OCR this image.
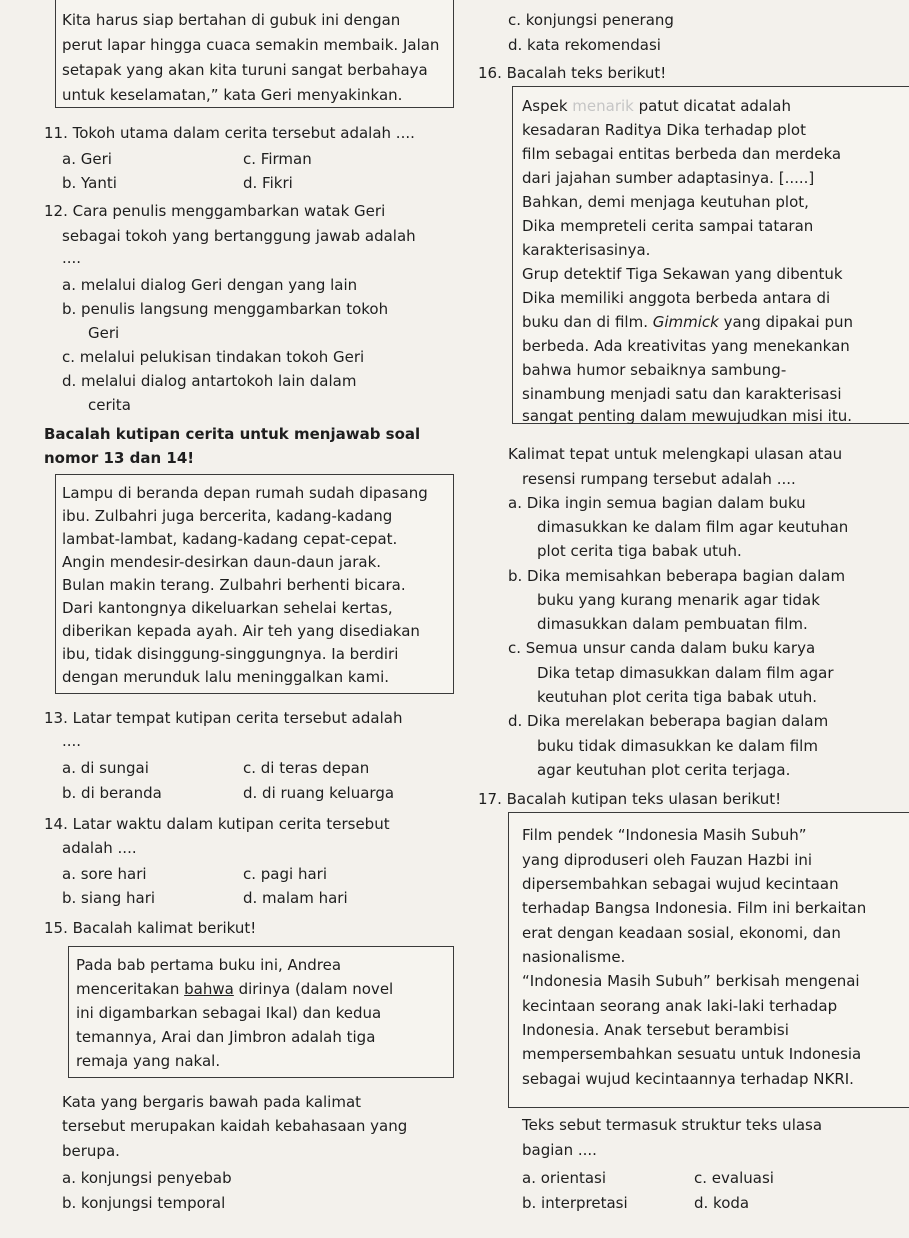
Kita harus siap bertahan di gubuk ini dengan
perut lapar hingga cuaca semakin membaik. Jalan
setapak yang akan kita turuni sangat berbahaya
untuk keselamatan,” kata Geri menyakinkan.
11. Tokoh utama dalam cerita tersebut adalah ....
a. Geri	c. Firman
b. Yanti	d. Fikri
12. Cara penulis menggambarkan watak Geri
sebagai tokoh yang bertanggung jawab adalah
....
a. melalui dialog Geri dengan yang lain
b. penulis langsung menggambarkan tokoh
Geri
c. melalui pelukisan tindakan tokoh Geri
d. melalui dialog antartokoh lain dalam
cerita
Bacalah kutipan cerita untuk menjawab soal
nomor 13 dan 14!
Lampu di beranda depan rumah sudah dipasang
ibu. Zulbahri juga bercerita, kadang-kadang
lambat-lambat, kadang-kadang cepat-cepat.
Angin mendesir-desirkan daun-daun jarak.
Bulan makin terang. Zulbahri berhenti bicara.
Dari kantongnya dikeluarkan sehelai kertas,
diberikan kepada ayah. Air teh yang disediakan
ibu, tidak disinggung-singgungnya. Ia berdiri
dengan merunduk lalu meninggalkan kami.
13. Latar tempat kutipan cerita tersebut adalah
....
a. di sungai	c. di teras depan
b. di beranda	d. di ruang keluarga
14. Latar waktu dalam kutipan cerita tersebut
adalah ....
a. sore hari	c. pagi hari
b. siang hari	d. malam hari
15. Bacalah kalimat berikut!
Pada bab pertama buku ini, Andrea
menceritakan bahwa dirinya (dalam novel
ini digambarkan sebagai Ikal) dan kedua
temannya, Arai dan Jimbron adalah tiga
remaja yang nakal.
Kata yang bergaris bawah pada kalimat
tersebut merupakan kaidah kebahasaan yang
berupa.
a. konjungsi penyebab
b. konjungsi temporal
c. konjungsi penerang
d. kata rekomendasi
16. Bacalah teks berikut!
Aspek menarik patut dicatat adalah
kesadaran Raditya Dika terhadap plot
film sebagai entitas berbeda dan merdeka
dari jajahan sumber adaptasinya. [.....]
Bahkan, demi menjaga keutuhan plot,
Dika mempreteli cerita sampai tataran
karakterisasinya.
Grup detektif Tiga Sekawan yang dibentuk
Dika memiliki anggota berbeda antara di
buku dan di film. Gimmick yang dipakai pun
berbeda. Ada kreativitas yang menekankan
bahwa humor sebaiknya sambung-
sinambung menjadi satu dan karakterisasi
sangat penting dalam mewujudkan misi itu.
Kalimat tepat untuk melengkapi ulasan atau
resensi rumpang tersebut adalah ....
a. Dika ingin semua bagian dalam buku
dimasukkan ke dalam film agar keutuhan
plot cerita tiga babak utuh.
b. Dika memisahkan beberapa bagian dalam
buku yang kurang menarik agar tidak
dimasukkan dalam pembuatan film.
c. Semua unsur canda dalam buku karya
Dika tetap dimasukkan dalam film agar
keutuhan plot cerita tiga babak utuh.
d. Dika merelakan beberapa bagian dalam
buku tidak dimasukkan ke dalam film
agar keutuhan plot cerita terjaga.
17. Bacalah kutipan teks ulasan berikut!
Film pendek “Indonesia Masih Subuh”
yang diproduseri oleh Fauzan Hazbi ini
dipersembahkan sebagai wujud kecintaan
terhadap Bangsa Indonesia. Film ini berkaitan
erat dengan keadaan sosial, ekonomi, dan
nasionalisme.
“Indonesia Masih Subuh” berkisah mengenai
kecintaan seorang anak laki-laki terhadap
Indonesia. Anak tersebut berambisi
mempersembahkan sesuatu untuk Indonesia
sebagai wujud kecintaannya terhadap NKRI.
Teks sebut termasuk struktur teks ulasa
bagian ....
a. orientasi	c. evaluasi
b. interpretasi	d. koda
